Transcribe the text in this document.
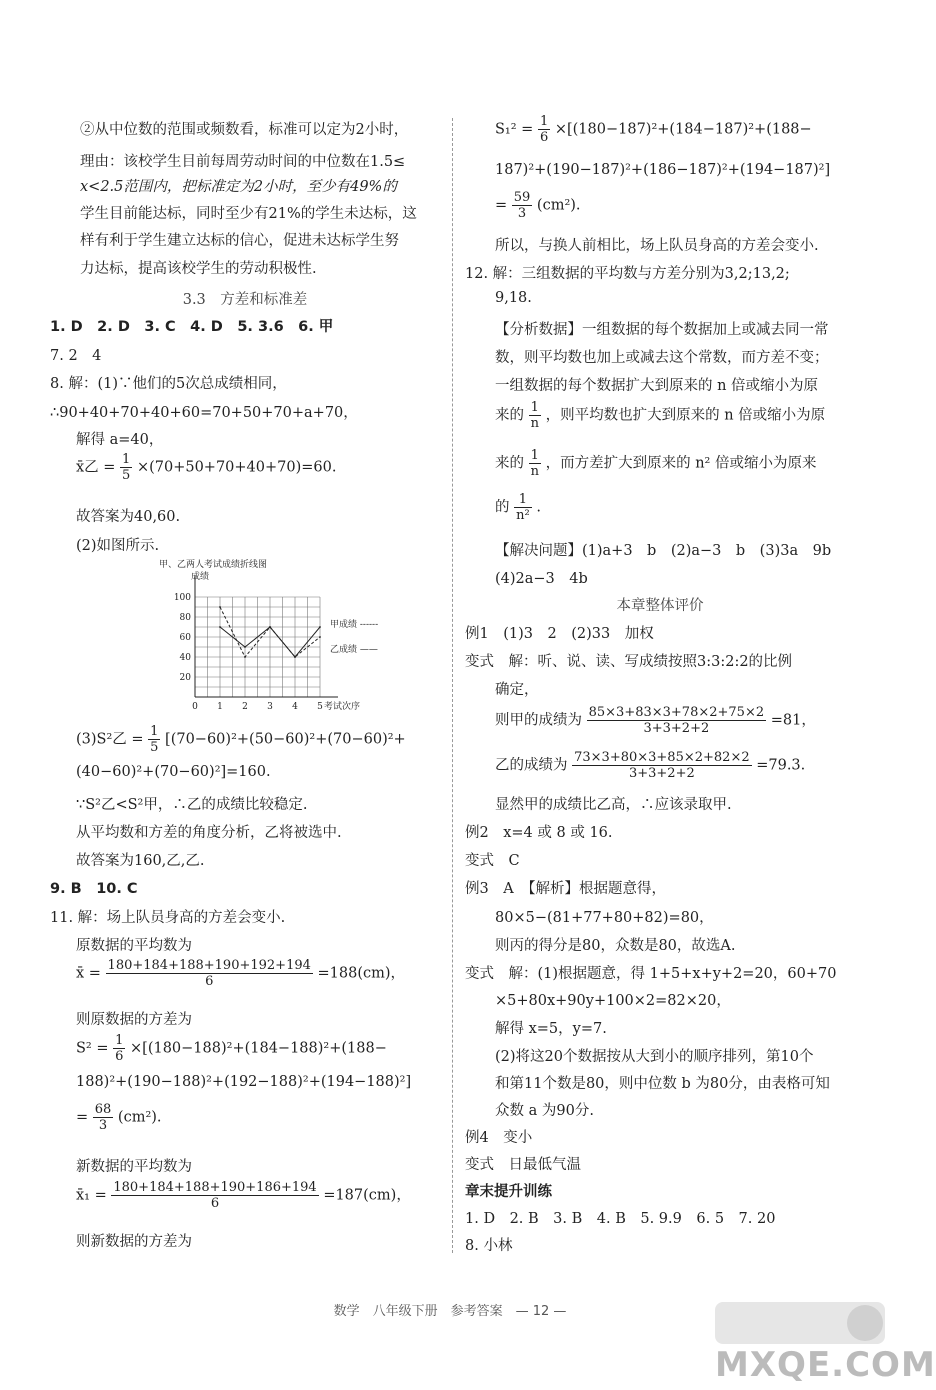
②从中位数的范围或频数看，标准可以定为2小时，
理由：该校学生目前每周劳动时间的中位数在1.5≤
x<2.5范围内，把标准定为2小时，至少有49%的
学生目前能达标，同时至少有21%的学生未达标，这
样有利于学生建立达标的信心，促进未达标学生努
力达标，提高该校学生的劳动积极性.
3.3　方差和标准差
1. D　2. D　3. C　4. D　5. 3.6　6. 甲
7. 2　4
8. 解：(1)∵他们的5次总成绩相同，
∴90+40+70+40+60=70+50+70+a+70，
解得 a=40，
x̄乙 = $\frac{1}{5} \times(70+50+70+40+70)=60$.
故答案为40,60.
(2)如图所示.
甲、乙两人考试成绩折线图
成绩
20
40
60
80
100
0 1 2 3 4 5 考试次序
甲成绩 ------
乙成绩 ——
(3)S²乙 = $\frac{1}{5} [(70-60)^2+(50-60)^2+(70-60)^2+$
(40−60)²+(70−60)²]=160.
∵S²乙<S²甲，∴乙的成绩比较稳定.
从平均数和方差的角度分析，乙将被选中.
故答案为160,乙,乙.
9. B　10. C
11. 解：场上队员身高的方差会变小.
原数据的平均数为
x̄ = $\frac{180+184+188+190+192+194}{6} =188(cm)$，
则原数据的方差为
$S^2 = \frac{1}{6} \times[(180-188)^2+(184-188)^2+(188-$
188)²+(190−188)²+(192−188)²+(194−188)²]
= $\frac{68}{3} (cm^2)$.
新数据的平均数为
x̄₁ = $\frac{180+184+188+190+186+194}{6} =187(cm)$，
则新数据的方差为
$S_1^2 = \frac{1}{6} \times[(180-187)^2+(184-187)^2+(188-$
187)²+(190−187)²+(186−187)²+(194−187)²]
= $\frac{59}{3} (cm^2)$.
所以，与换人前相比，场上队员身高的方差会变小.
12. 解：三组数据的平均数与方差分别为3,2;13,2;
9,18.
【分析数据】一组数据的每个数据加上或减去同一常
数，则平均数也加上或减去这个常数，而方差不变；
一组数据的每个数据扩大到原来的 n 倍或缩小为原
来的 $\frac{1}{n}$ ，则平均数也扩大到原来的 n 倍或缩小为原
来的 $\frac{1}{n}$ ，而方差扩大到原来的 n² 倍或缩小为原来
的 $\frac{1}{\text{n²}}$ .
【解决问题】(1)a+3　b　(2)a−3　b　(3)3a　9b
(4)2a−3　4b
本章整体评价
例1　(1)3　2　(2)33　加权
变式　解：听、说、读、写成绩按照3:3:2:2的比例
确定，
则甲的成绩为 $\frac{85\times 3+83\times 3+78\times 2+75\times 2}{3+3+2+2} =81$，
乙的成绩为 $\frac{73\times 3+80\times 3+85\times 2+82\times 2}{3+3+2+2} =79.3$.
显然甲的成绩比乙高，∴应该录取甲.
例2　x=4 或 8 或 16.
变式　C
例3　A　【解析】根据题意得，
80×5−(81+77+80+82)=80，
则丙的得分是80，众数是80，故选A.
变式　解：(1)根据题意，得 1+5+x+y+2=20，60+70
×5+80x+90y+100×2=82×20，
解得 x=5，y=7.
(2)将这20个数据按从大到小的顺序排列，第10个
和第11个数是80，则中位数 b 为80分，由表格可知
众数 a 为90分.
例4　变小
变式　日最低气温
章末提升训练
1. D　2. B　3. B　4. B　5. 9.9　6. 5　7. 20
8. 小林
数学　八年级下册　参考答案　— 12 —
MXQE.COM
